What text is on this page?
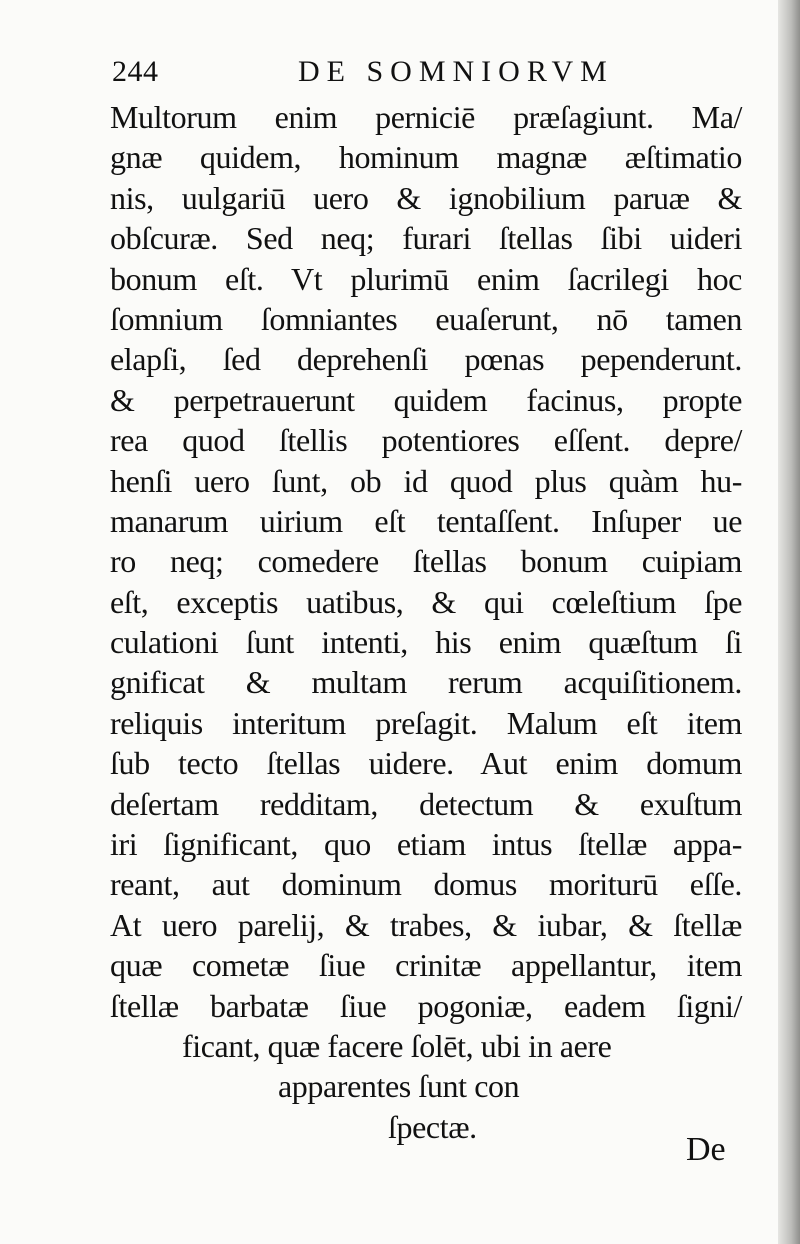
244	DE SOMNIORVM
Multorum enim perniciē præſagiunt. Ma/
gnæ quidem, hominum magnæ æſtimatio
nis, uulgariū uero & ignobilium paruæ &
obſcuræ. Sed neq; furari ſtellas ſibi uideri
bonum eſt. Vt plurimū enim ſacrilegi hoc
ſomnium ſomniantes euaſerunt, nō tamen
elapſi, ſed deprehenſi pœnas pependerunt.
& perpetrauerunt quidem facinus, propte
rea quod ſtellis potentiores eſſent. depre/
henſi uero ſunt, ob id quod plus quàm hu-
manarum uirium eſt tentaſſent. Inſuper ue
ro neq; comedere ſtellas bonum cuipiam
eſt, exceptis uatibus, & qui cœleſtium ſpe
culationi ſunt intenti, his enim quæſtum ſi
gnificat & multam rerum acquiſitionem.
reliquis interitum preſagit. Malum eſt item
ſub tecto ſtellas uidere. Aut enim domum
deſertam redditam, detectum & exuſtum
iri ſignificant, quo etiam intus ſtellæ appa-
reant, aut dominum domus moriturū eſſe.
At uero parelij, & trabes, & iubar, & ſtellæ
quæ cometæ ſiue crinitæ appellantur, item
ſtellæ barbatæ ſiue pogoniæ, eadem ſigni/
ficant, quæ facere ſolēt, ubi in aere
apparentes ſunt con
ſpectæ.
De
